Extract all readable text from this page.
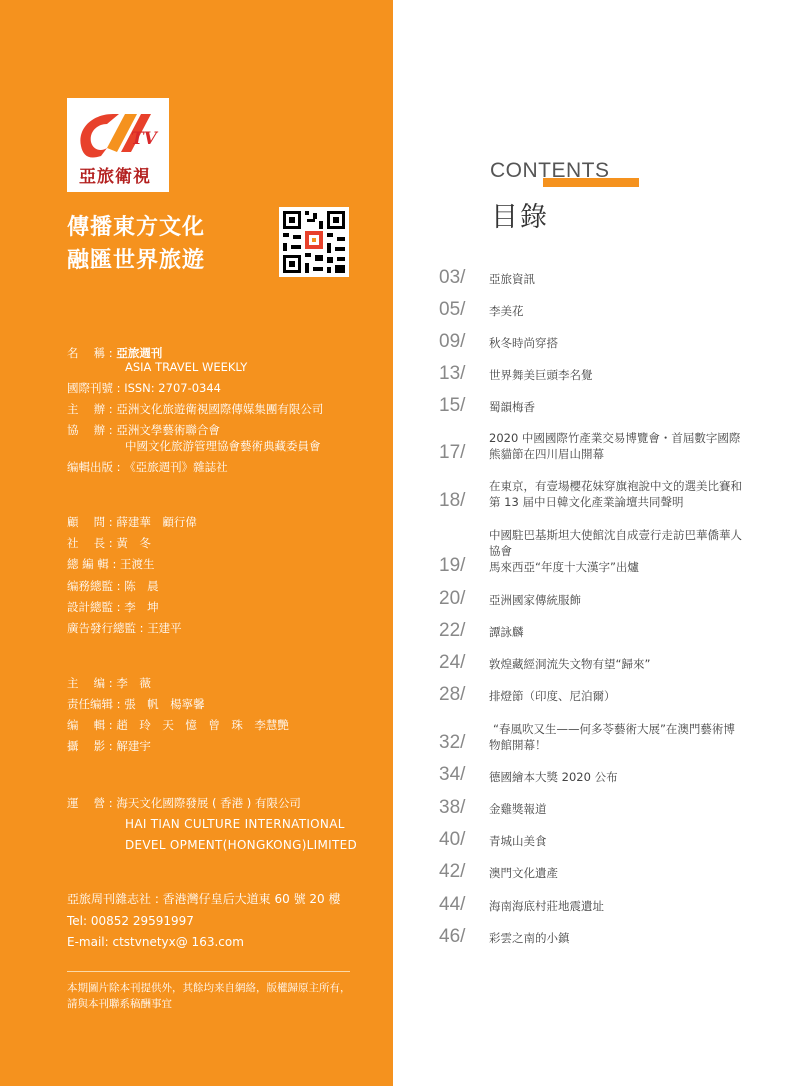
TV
亞旅衛視
傳播東方文化
融匯世界旅遊
名　 稱 : 亞旅週刊
ASIA TRAVEL WEEKLY
國際刊號 : ISSN: 2707-0344
主　 辦 : 亞洲文化旅遊衛視國際傳媒集團有限公司
協　 辦 : 亞洲文學藝術聯合會
中國文化旅游管理協會藝術典藏委員會
编輯出版 : 《亞旅週刊》雜誌社
顧　 問 : 薛建華　顧行偉
社　 長 : 黃　冬
總 編 輯 : 王渡生
编務總監 : 陈　晨
設計總監 : 李　坤
廣告發行總監 : 王建平
主　 编 : 李　薇
责任编辑 : 張　帆　楊寧馨
编　 輯 : 趙　玲　天　憶　曾　珠　李慧艷
攝　 影 : 解建宇
運　 營 : 海天文化國際發展 ( 香港 ) 有限公司
HAI TIAN CULTURE INTERNATIONAL
DEVEL OPMENT(HONGKONG)LIMITED
亞旅周刊雜志社 : 香港灣仔皇后大道東 60 號 20 樓
Tel: 00852 29591997
E-mail: ctstvnetyx@ 163.com
本期圖片除本刊提供外，其餘均来自網絡，版權歸原主所有，
請與本刊聯系稿酬事宜
CONTENTS
目錄
03/ 亞旅資訊
05/ 李美花
09/ 秋冬時尚穿搭
13/ 世界舞美巨頭李名覺
15/ 蜀韻梅香
17/
2020 中國國際竹產業交易博覽會・首屆數字國際熊貓節在四川眉山開幕
18/
在東京，有壹場櫻花妹穿旗袍說中文的選美比賽和第 13 届中日韓文化產業論壇共同聲明
19/
中國駐巴基斯坦大使館沈自成壹行走訪巴華僑華人協會
馬來西亞“年度十大漢字”出爐
20/ 亞洲國家傳統服飾
22/ 譚詠麟
24/ 敦煌藏經洞流失文物有望“歸來”
28/ 排燈節（印度、尼泊爾）
32/
“春風吹又生——何多苓藝術大展”在澳門藝術博物館開幕！
34/ 德國繪本大獎 2020 公布
38/ 金雞獎報道
40/ 青城山美食
42/ 澳門文化遺產
44/ 海南海底村莊地震遺址
46/ 彩雲之南的小鎮
